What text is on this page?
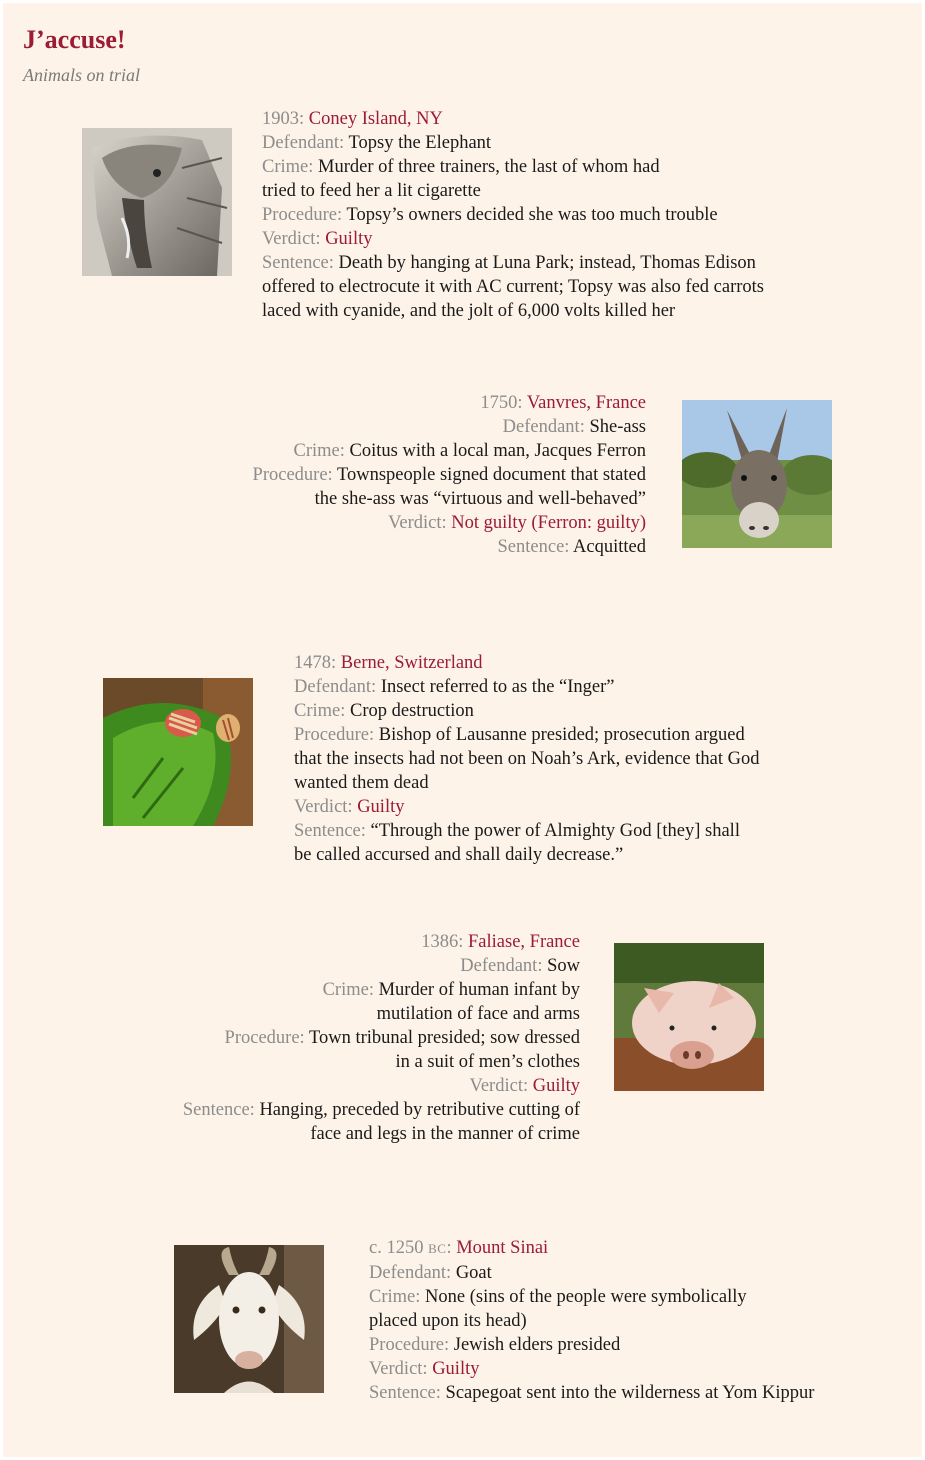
J’accuse!
Animals on trial
1903: Coney Island, NY
Defendant: Topsy the Elephant
Crime: Murder of three trainers, the last of whom had
tried to feed her a lit cigarette
Procedure: Topsy’s owners decided she was too much trouble
Verdict: Guilty
Sentence: Death by hanging at Luna Park; instead, Thomas Edison
offered to electrocute it with AC current; Topsy was also fed carrots
laced with cyanide, and the jolt of 6,000 volts killed her
1750: Vanvres, France
Defendant: She-ass
Crime: Coitus with a local man, Jacques Ferron
Procedure: Townspeople signed document that stated
the she-ass was “virtuous and well-behaved”
Verdict: Not guilty (Ferron: guilty)
Sentence: Acquitted
1478: Berne, Switzerland
Defendant: Insect referred to as the “Inger”
Crime: Crop destruction
Procedure: Bishop of Lausanne presided; prosecution argued
that the insects had not been on Noah’s Ark, evidence that God
wanted them dead
Verdict: Guilty
Sentence: “Through the power of Almighty God [they] shall
be called accursed and shall daily decrease.”
1386: Faliase, France
Defendant: Sow
Crime: Murder of human infant by
mutilation of face and arms
Procedure: Town tribunal presided; sow dressed
in a suit of men’s clothes
Verdict: Guilty
Sentence: Hanging, preceded by retributive cutting of
face and legs in the manner of crime
c. 1250 BC: Mount Sinai
Defendant: Goat
Crime: None (sins of the people were symbolically
placed upon its head)
Procedure: Jewish elders presided
Verdict: Guilty
Sentence: Scapegoat sent into the wilderness at Yom Kippur
